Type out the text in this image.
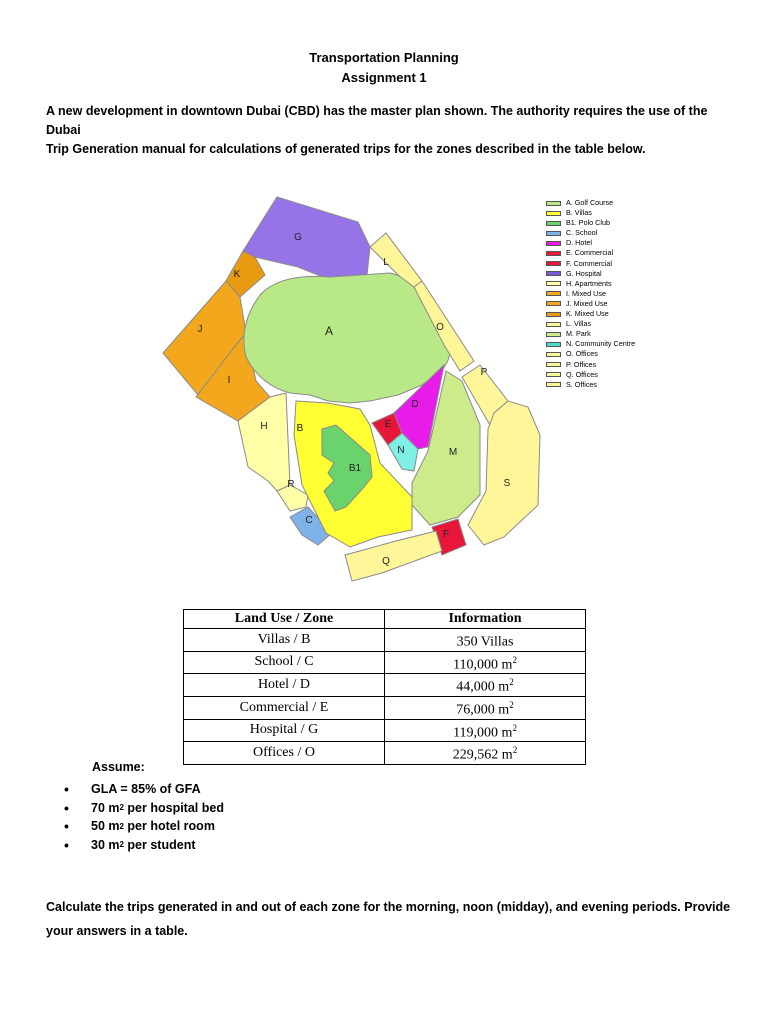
Transportation Planning
Assignment 1
A new development in downtown Dubai (CBD) has the master plan shown. The authority requires the use of the Dubai
Trip Generation manual for calculations of generated trips for the zones described in the table below.
G
K
J
I
H
R
C
A
B
B1
E
D
N	M
F
Q
L
O
P
S
A. Golf Course
B. Villas
B1. Polo Club
C. School
D. Hotel
E. Commercial
F. Commercial
G. Hospital
H. Apartments
I. Mixed Use
J. Mixed Use
K. Mixed Use
L. Villas
M. Park
N. Community Centre
O. Offices
P. Offices
Q. Offices
S. Offices
Land Use / Zone	Information
Villas / B	350 Villas
School / C	110,000 $m^2$
Hotel / D	44,000 $m^2$
Commercial / E	76,000 $m^2$
Hospital / G	119,000 $m^2$
Offices / O	229,562 $m^2$
Assume:
•	GLA = 85% of GFA
•	70 m 2 per hospital bed
•	50 m 2 per hotel room
•	30 m 2 per student
Calculate the trips generated in and out of each zone for the morning, noon (midday), and evening periods. Provide
your answers in a table.
